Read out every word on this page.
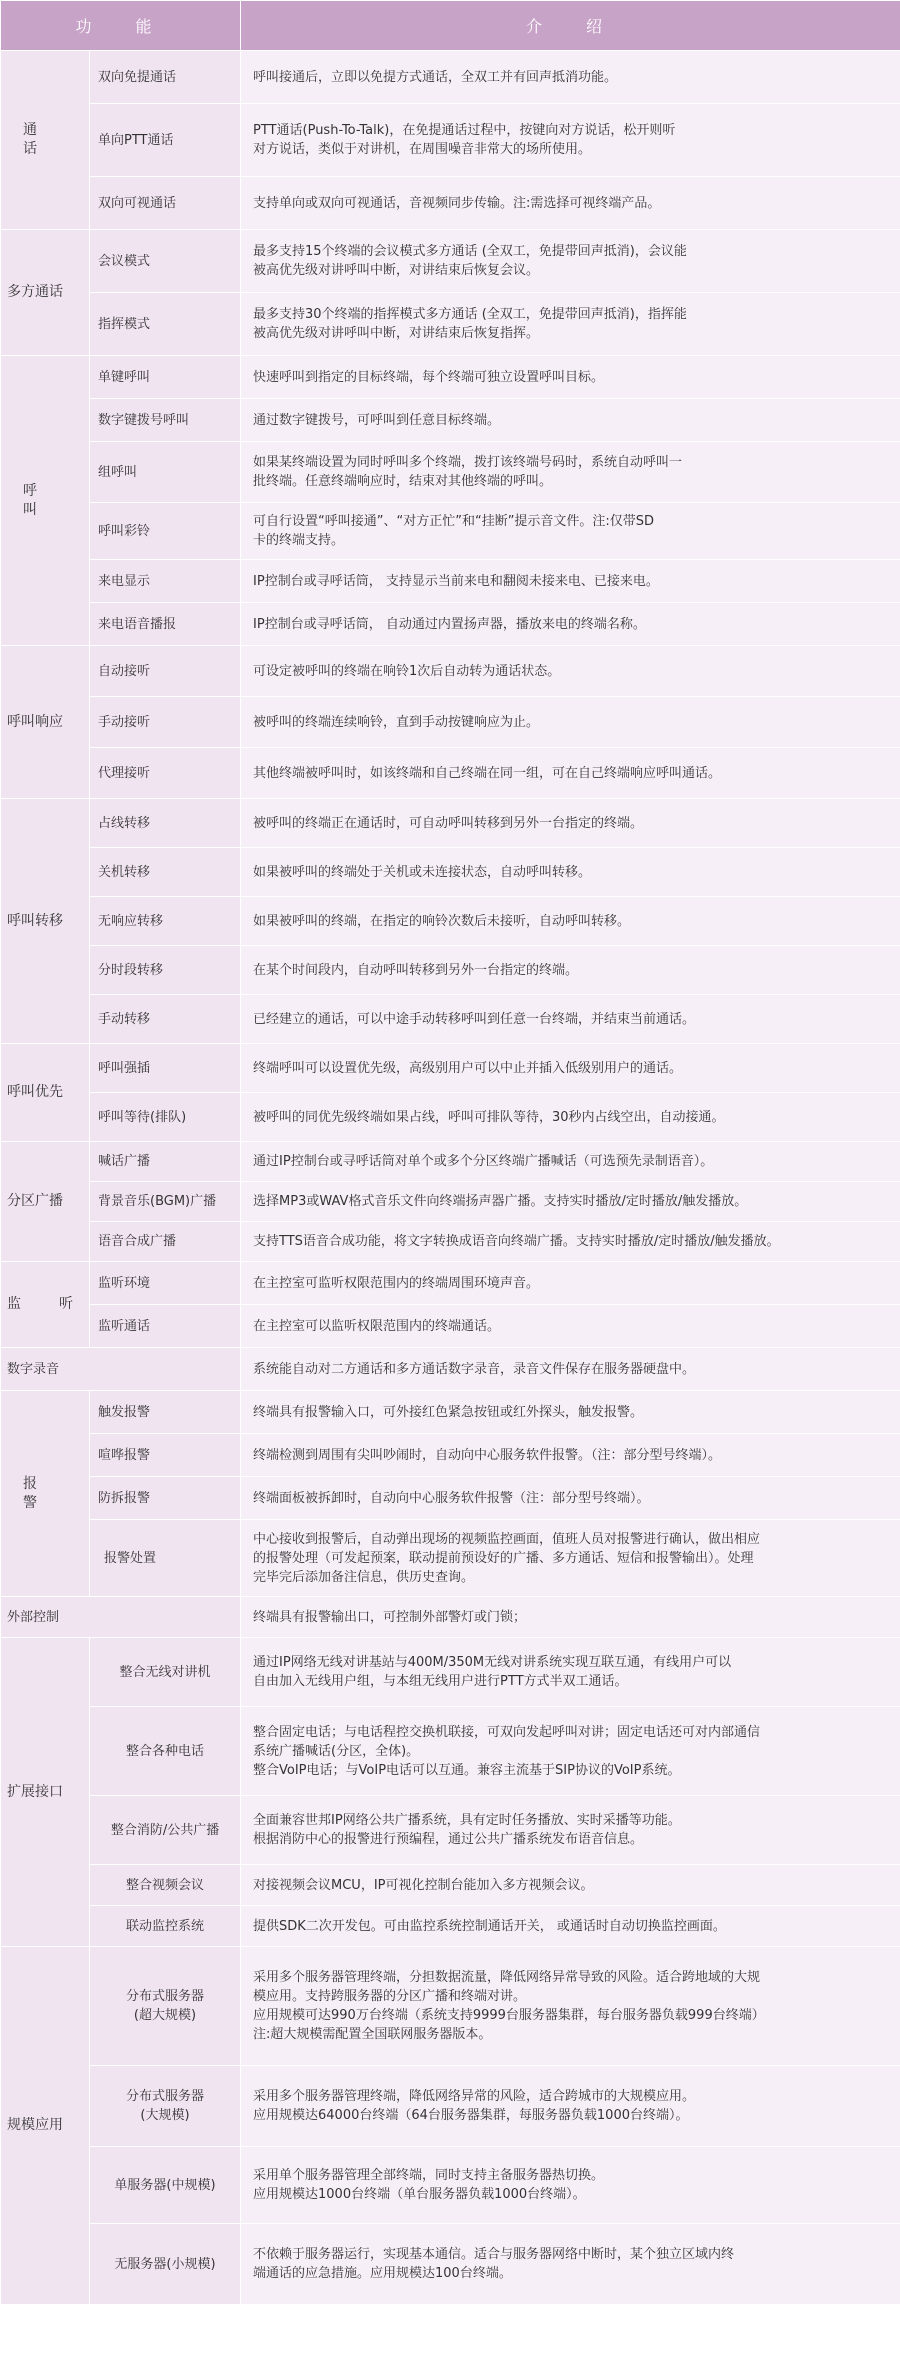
功　能		介　绍
通　话	双向免提通话	呼叫接通后，立即以免提方式通话，全双工并有回声抵消功能。

	单向PTT通话	PTT通话(Push-To-Talk)，在免提通话过程中，按键向对方说话，松开则听
对方说话，类似于对讲机，在周围噪音非常大的场所使用。

	双向可视通话	支持单向或双向可视通话，音视频同步传输。注:需选择可视终端产品。

多方通话	会议模式	最多支持15个终端的会议模式多方通话 (全双工，免提带回声抵消)，会议能
被高优先级对讲呼叫中断，对讲结束后恢复会议。

	指挥模式	最多支持30个终端的指挥模式多方通话 (全双工，免提带回声抵消)，指挥能
被高优先级对讲呼叫中断，对讲结束后恢复指挥。

呼　叫	单键呼叫	快速呼叫到指定的目标终端，每个终端可独立设置呼叫目标。

	数字键拨号呼叫	通过数字键拨号，可呼叫到任意目标终端。

	组呼叫	如果某终端设置为同时呼叫多个终端，拨打该终端号码时，系统自动呼叫一
批终端。任意终端响应时，结束对其他终端的呼叫。

	呼叫彩铃	可自行设置“呼叫接通”、“对方正忙”和“挂断”提示音文件。注:仅带SD
卡的终端支持。

	来电显示	IP控制台或寻呼话筒， 支持显示当前来电和翻阅未接来电、已接来电。

	来电语音播报	IP控制台或寻呼话筒， 自动通过内置扬声器，播放来电的终端名称。

呼叫响应	自动接听	可设定被呼叫的终端在响铃1次后自动转为通话状态。

	手动接听	被呼叫的终端连续响铃，直到手动按键响应为止。

	代理接听	其他终端被呼叫时，如该终端和自己终端在同一组，可在自己终端响应呼叫通话。

呼叫转移	占线转移	被呼叫的终端正在通话时，可自动呼叫转移到另外一台指定的终端。

	关机转移	如果被呼叫的终端处于关机或未连接状态，自动呼叫转移。

	无响应转移	如果被呼叫的终端，在指定的响铃次数后未接听，自动呼叫转移。

	分时段转移	在某个时间段内，自动呼叫转移到另外一台指定的终端。

	手动转移	已经建立的通话，可以中途手动转移呼叫到任意一台终端，并结束当前通话。

呼叫优先	呼叫强插	终端呼叫可以设置优先级，高级别用户可以中止并插入低级别用户的通话。

	呼叫等待(排队)	被呼叫的同优先级终端如果占线，呼叫可排队等待，30秒内占线空出，自动接通。

分区广播	喊话广播	通过IP控制台或寻呼话筒对单个或多个分区终端广播喊话（可选预先录制语音）。

	背景音乐(BGM)广播	选择MP3或WAV格式音乐文件向终端扬声器广播。支持实时播放/定时播放/触发播放。

	语音合成广播	支持TTS语音合成功能，将文字转换成语音向终端广播。支持实时播放/定时播放/触发播放。

监　听	监听环境	在主控室可监听权限范围内的终端周围环境声音。

	监听通话	在主控室可以监听权限范围内的终端通话。

数字录音		系统能自动对二方通话和多方通话数字录音，录音文件保存在服务器硬盘中。

报　警	触发报警	终端具有报警输入口，可外接红色紧急按钮或红外探头，触发报警。

	喧哗报警	终端检测到周围有尖叫吵闹时，自动向中心服务软件报警。（注：部分型号终端）。

	防拆报警	终端面板被拆卸时，自动向中心服务软件报警（注：部分型号终端）。

	报警处置	中心接收到报警后，自动弹出现场的视频监控画面，值班人员对报警进行确认，做出相应
的报警处理（可发起预案，联动提前预设好的广播、多方通话、短信和报警输出）。处理
完毕完后添加备注信息，供历史查询。

外部控制		终端具有报警输出口，可控制外部警灯或门锁；

扩展接口	整合无线对讲机	通过IP网络无线对讲基站与400M/350M无线对讲系统实现互联互通，有线用户可以
自由加入无线用户组，与本组无线用户进行PTT方式半双工通话。

	整合各种电话	整合固定电话；与电话程控交换机联接，可双向发起呼叫对讲；固定电话还可对内部通信
系统广播喊话(分区，全体)。
整合VoIP电话；与VoIP电话可以互通。兼容主流基于SIP协议的VoIP系统。

	整合消防/公共广播	全面兼容世邦IP网络公共广播系统，具有定时任务播放、实时采播等功能。
根据消防中心的报警进行预编程，通过公共广播系统发布语音信息。

	整合视频会议	对接视频会议MCU，IP可视化控制台能加入多方视频会议。

	联动监控系统	提供SDK二次开发包。可由监控系统控制通话开关， 或通话时自动切换监控画面。

规模应用	分布式服务器
(超大规模)	采用多个服务器管理终端，分担数据流量，降低网络异常导致的风险。适合跨地域的大规
模应用。支持跨服务器的分区广播和终端对讲。
应用规模可达990万台终端（系统支持9999台服务器集群，每台服务器负载999台终端）
注:超大规模需配置全国联网服务器版本。

	分布式服务器
(大规模)	采用多个服务器管理终端，降低网络异常的风险，适合跨城市的大规模应用。
应用规模达64000台终端（64台服务器集群，每服务器负载1000台终端）。

	单服务器(中规模)	采用单个服务器管理全部终端，同时支持主备服务器热切换。
应用规模达1000台终端（单台服务器负载1000台终端）。

	无服务器(小规模)	不依赖于服务器运行，实现基本通信。适合与服务器网络中断时，某个独立区域内终
端通话的应急措施。应用规模达100台终端。
